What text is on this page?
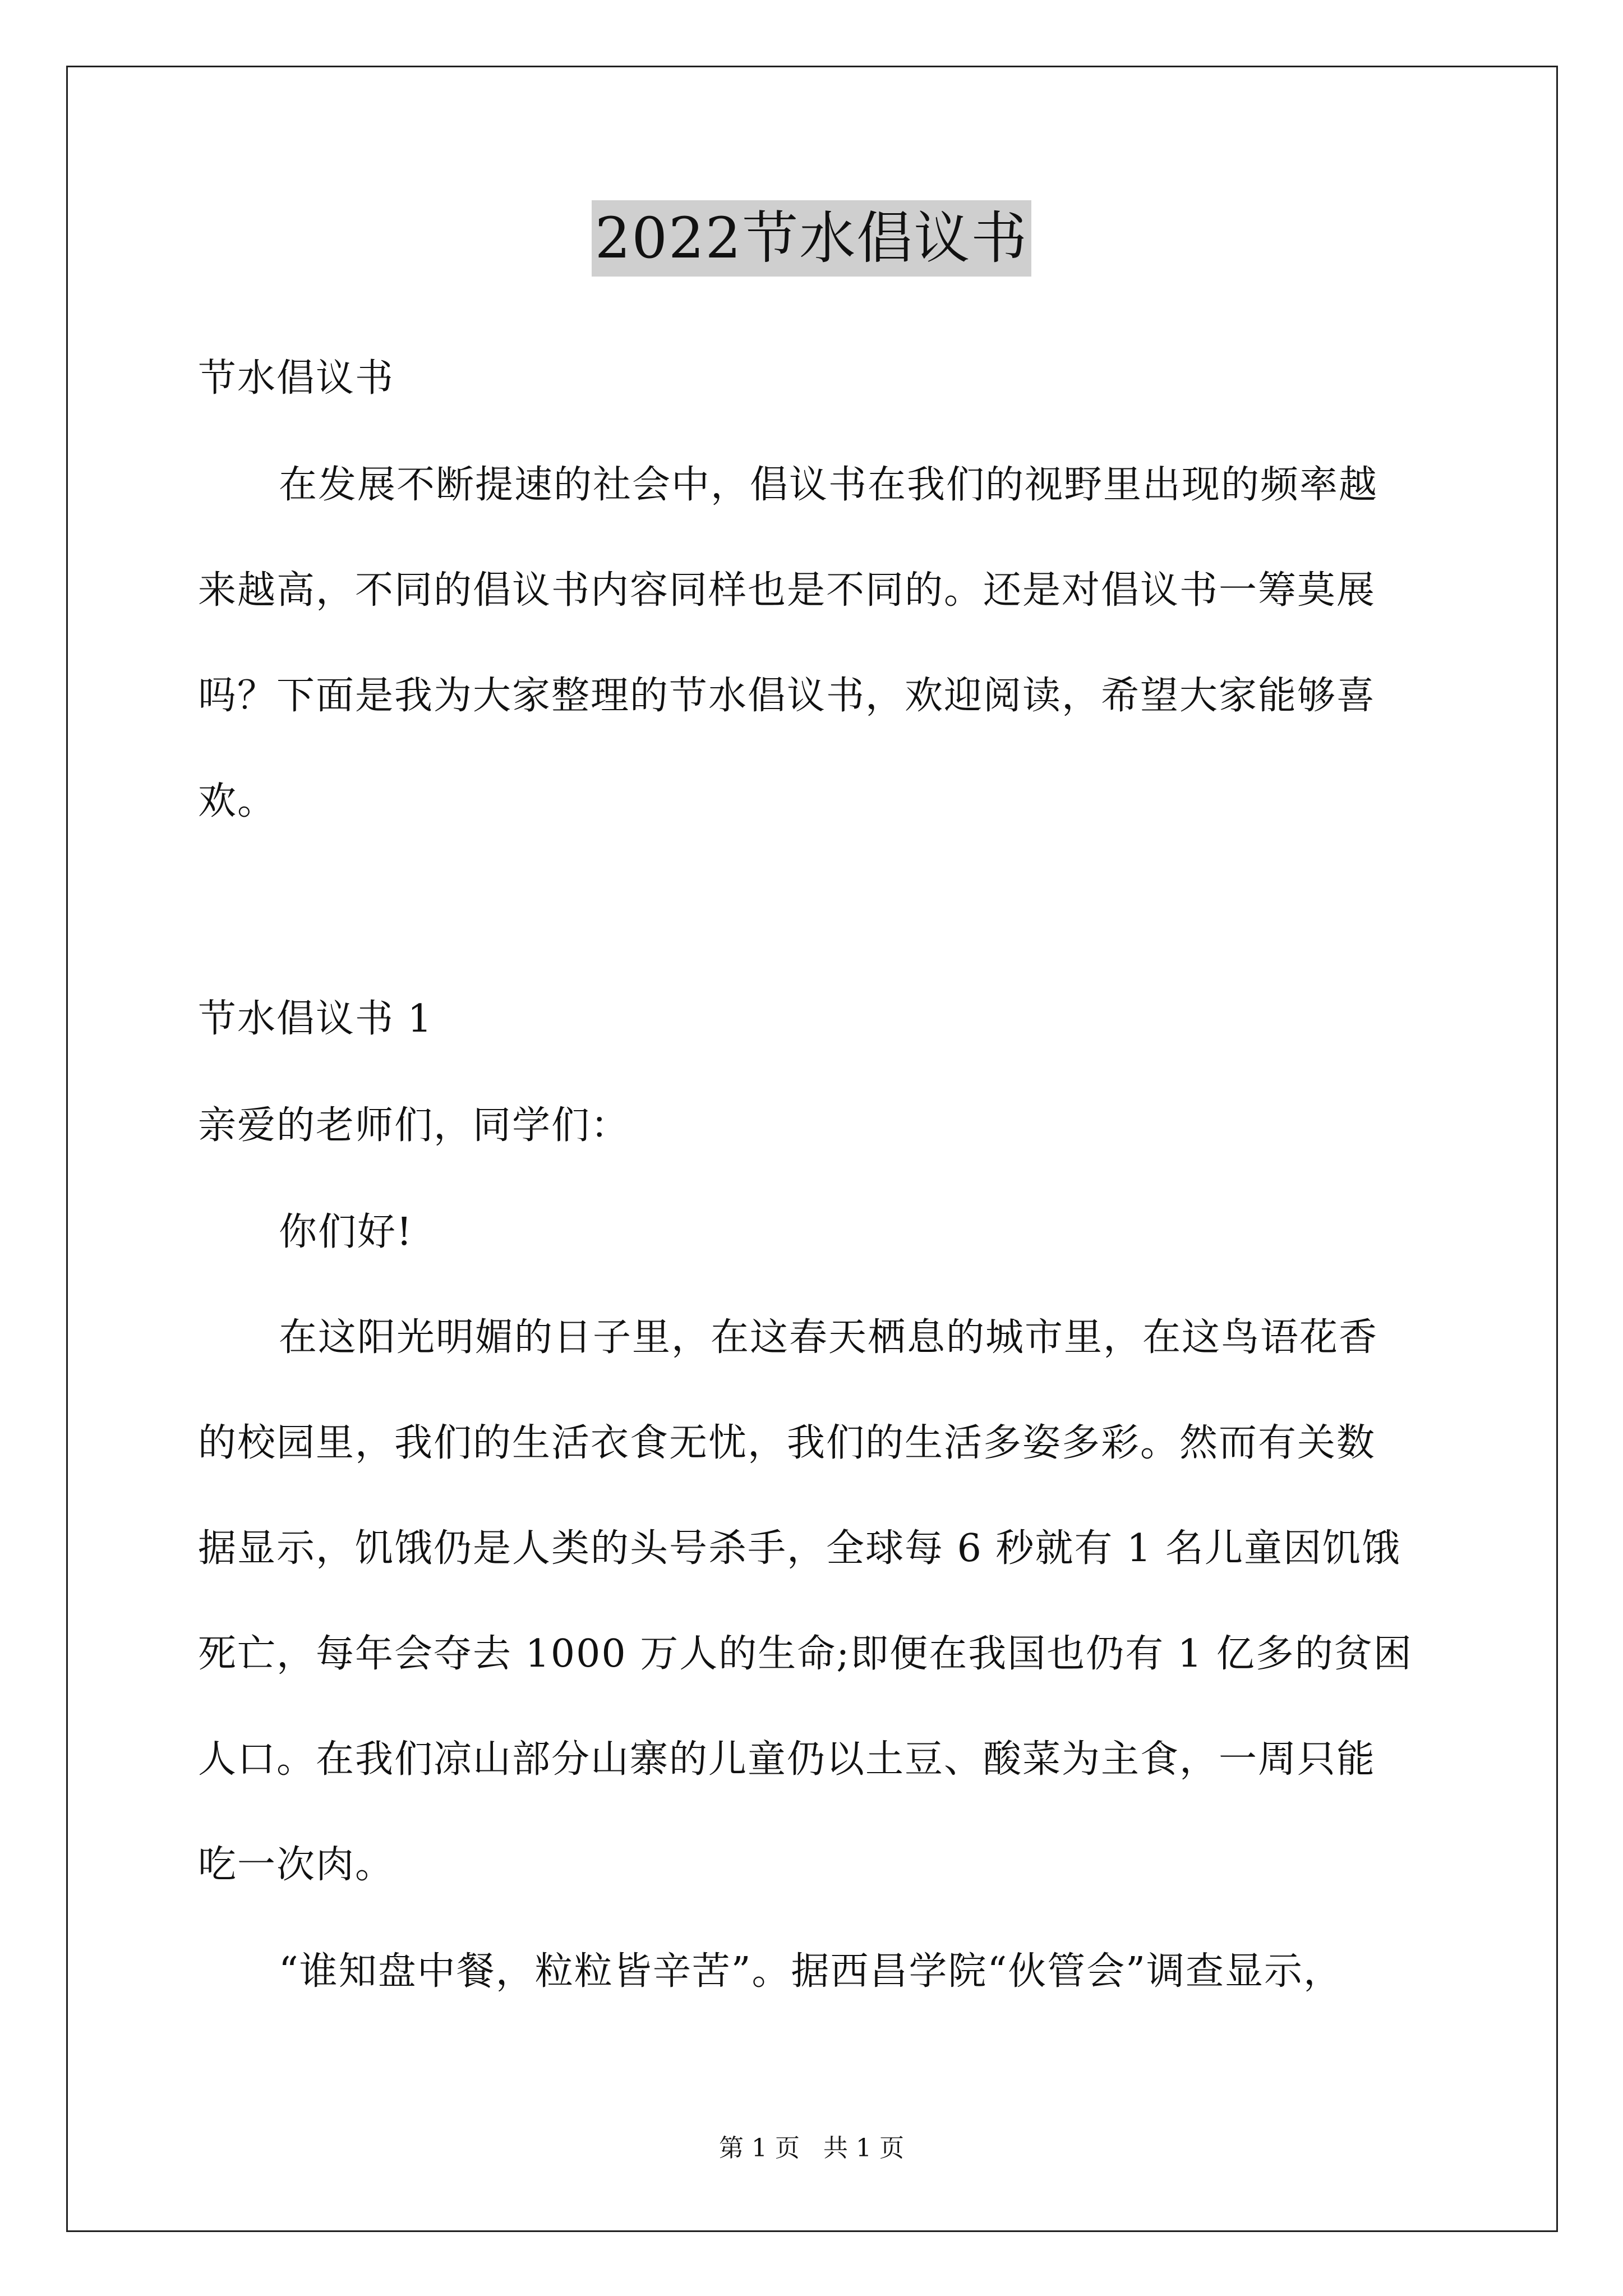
2022节水倡议书

节水倡议书

在发展不断提速的社会中，倡议书在我们的视野里出现的频率越

来越高，不同的倡议书内容同样也是不同的。还是对倡议书一筹莫展

吗？下面是我为大家整理的节水倡议书，欢迎阅读，希望大家能够喜

欢。

节水倡议书 1

亲爱的老师们，同学们：

你们好!

在这阳光明媚的日子里，在这春天栖息的城市里，在这鸟语花香

的校园里，我们的生活衣食无忧，我们的生活多姿多彩。然而有关数

据显示，饥饿仍是人类的头号杀手，全球每 6 秒就有 1 名儿童因饥饿

死亡，每年会夺去 1000 万人的生命;即便在我国也仍有 1 亿多的贫困

人口。在我们凉山部分山寨的儿童仍以土豆、酸菜为主食，一周只能

吃一次肉。

“谁知盘中餐，粒粒皆辛苦”。据西昌学院“伙管会”调查显示，

第 1 页   共 1 页
